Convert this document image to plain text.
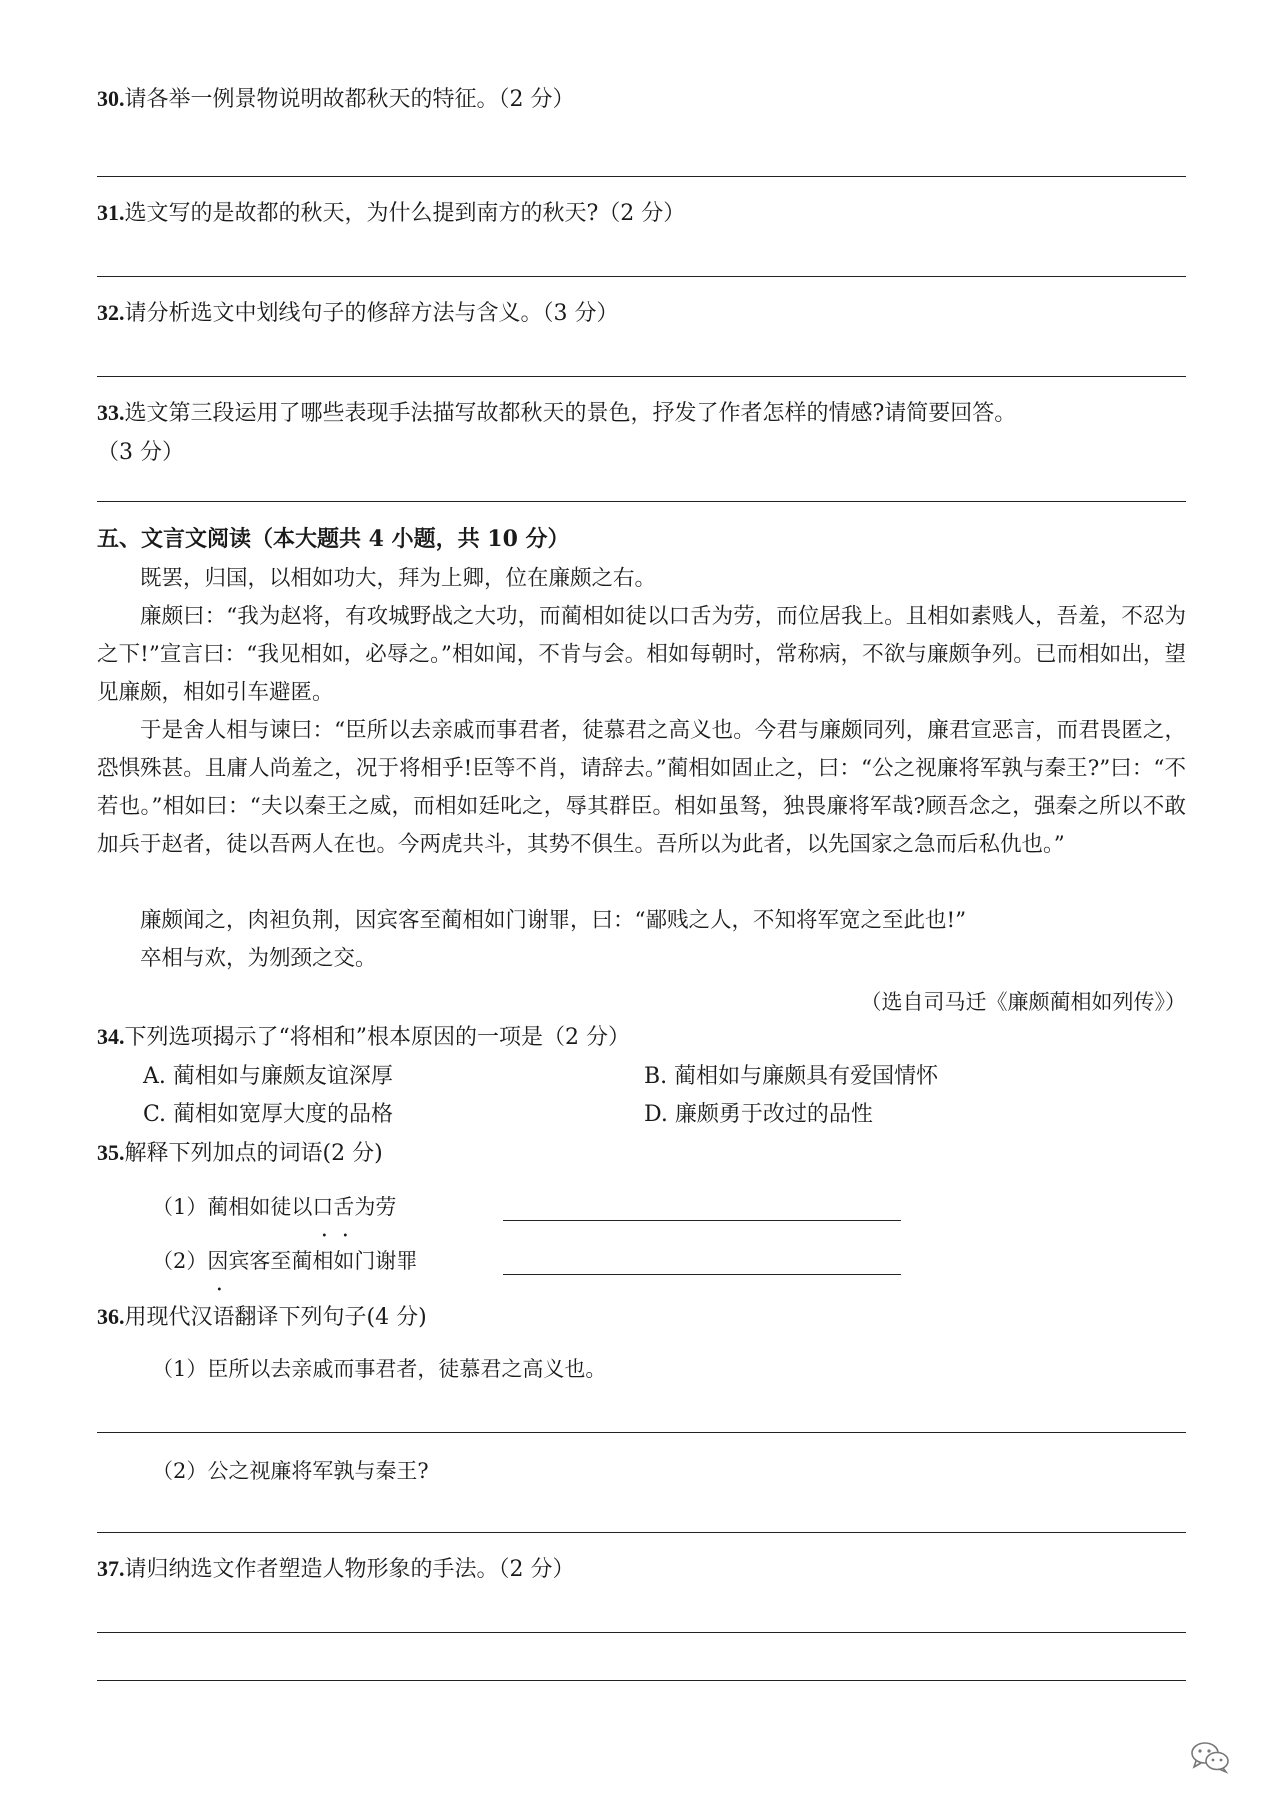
30.请各举一例景物说明故都秋天的特征。（2 分）
31.选文写的是故都的秋天，为什么提到南方的秋天?（2 分）
32.请分析选文中划线句子的修辞方法与含义。（3 分）
33.选文第三段运用了哪些表现手法描写故都秋天的景色，抒发了作者怎样的情感?请简要回答。
（3 分）
五、文言文阅读（本大题共 4 小题，共 10 分）
既罢，归国，以相如功大，拜为上卿，位在廉颇之右。
廉颇曰：“我为赵将，有攻城野战之大功，而蔺相如徒以口舌为劳，而位居我上。且相如素贱人，吾羞，不忍为之下!”宣言曰：“我见相如，必辱之。”相如闻，不肯与会。相如每朝时，常称病，不欲与廉颇争列。已而相如出，望见廉颇，相如引车避匿。
于是舍人相与谏曰：“臣所以去亲戚而事君者，徒慕君之高义也。今君与廉颇同列，廉君宣恶言，而君畏匿之，恐惧殊甚。且庸人尚羞之，况于将相乎!臣等不肖，请辞去。”蔺相如固止之，曰：“公之视廉将军孰与秦王?”曰：“不若也。”相如曰：“夫以秦王之威，而相如廷叱之，辱其群臣。相如虽驽，独畏廉将军哉?顾吾念之，强秦之所以不敢加兵于赵者，徒以吾两人在也。今两虎共斗，其势不俱生。吾所以为此者，以先国家之急而后私仇也。”
廉颇闻之，肉袒负荆，因宾客至蔺相如门谢罪，曰：“鄙贱之人，不知将军宽之至此也!”
卒相与欢，为刎颈之交。
（选自司马迁《廉颇蔺相如列传》）
34.下列选项揭示了“将相和”根本原因的一项是（2 分）
A. 蔺相如与廉颇友谊深厚	B. 蔺相如与廉颇具有爱国情怀
C. 蔺相如宽厚大度的品格	D. 廉颇勇于改过的品性
35.解释下列加点的词语(2 分)
（1）蔺相如徒以口
•
舌
•
为劳
（2）因
•
宾客至蔺相如门谢罪
36.用现代汉语翻译下列句子(4 分)
（1）臣所以去亲戚而事君者，徒慕君之高义也。
（2）公之视廉将军孰与秦王?
37.请归纳选文作者塑造人物形象的手法。（2 分）
